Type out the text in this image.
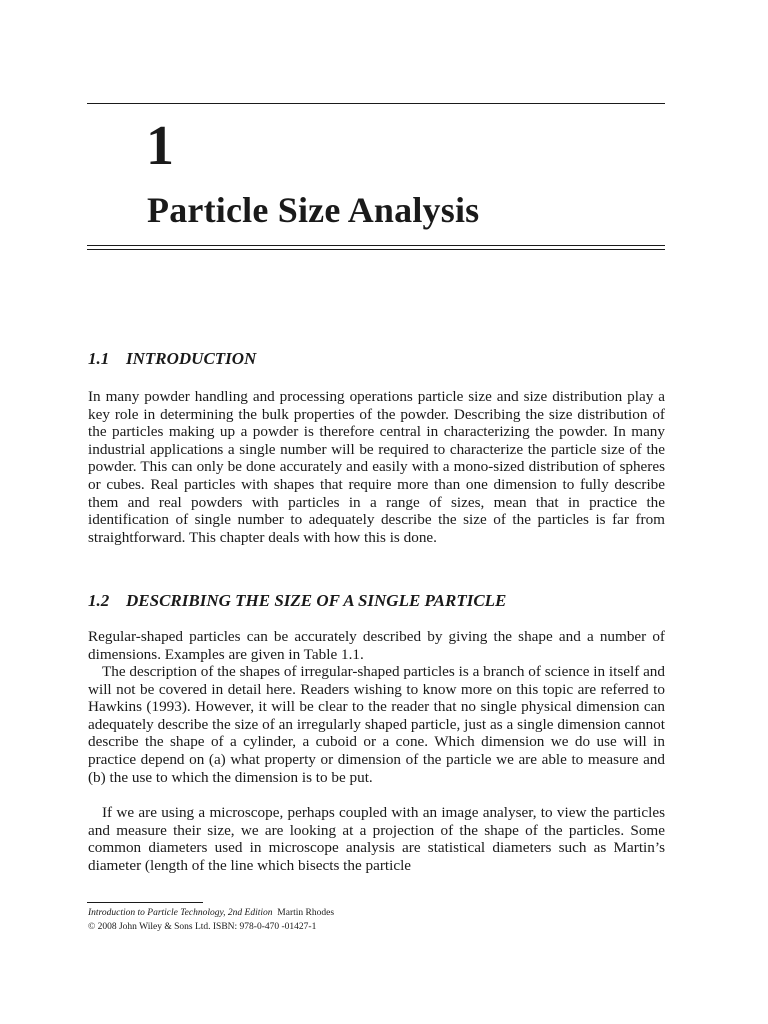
1
Particle Size Analysis
1.1 INTRODUCTION

In many powder handling and processing operations particle size and size distribution play a key role in determining the bulk properties of the powder. Describing the size distribution of the particles making up a powder is therefore central in characterizing the powder. In many industrial applications a single number will be required to characterize the particle size of the powder. This can only be done accurately and easily with a mono-sized distribution of spheres or cubes. Real particles with shapes that require more than one dimension to fully describe them and real powders with particles in a range of sizes, mean that in practice the identification of single number to adequately describe the size of the particles is far from straightforward. This chapter deals with how this is done.

1.2 DESCRIBING THE SIZE OF A SINGLE PARTICLE

Regular-shaped particles can be accurately described by giving the shape and a number of dimensions. Examples are given in Table 1.1.

The description of the shapes of irregular-shaped particles is a branch of science in itself and will not be covered in detail here. Readers wishing to know more on this topic are referred to Hawkins (1993). However, it will be clear to the reader that no single physical dimension can adequately describe the size of an irregularly shaped particle, just as a single dimension cannot describe the shape of a cylinder, a cuboid or a cone. Which dimension we do use will in practice depend on (a) what property or dimension of the particle we are able to measure and (b) the use to which the dimension is to be put.

If we are using a microscope, perhaps coupled with an image analyser, to view the particles and measure their size, we are looking at a projection of the shape of the particles. Some common diameters used in microscope analysis are statistical diameters such as Martin’s diameter (length of the line which bisects the particle

Introduction to Particle Technology, 2nd Edition Martin Rhodes
© 2008 John Wiley & Sons Ltd. ISBN: 978-0-470 -01427-1
